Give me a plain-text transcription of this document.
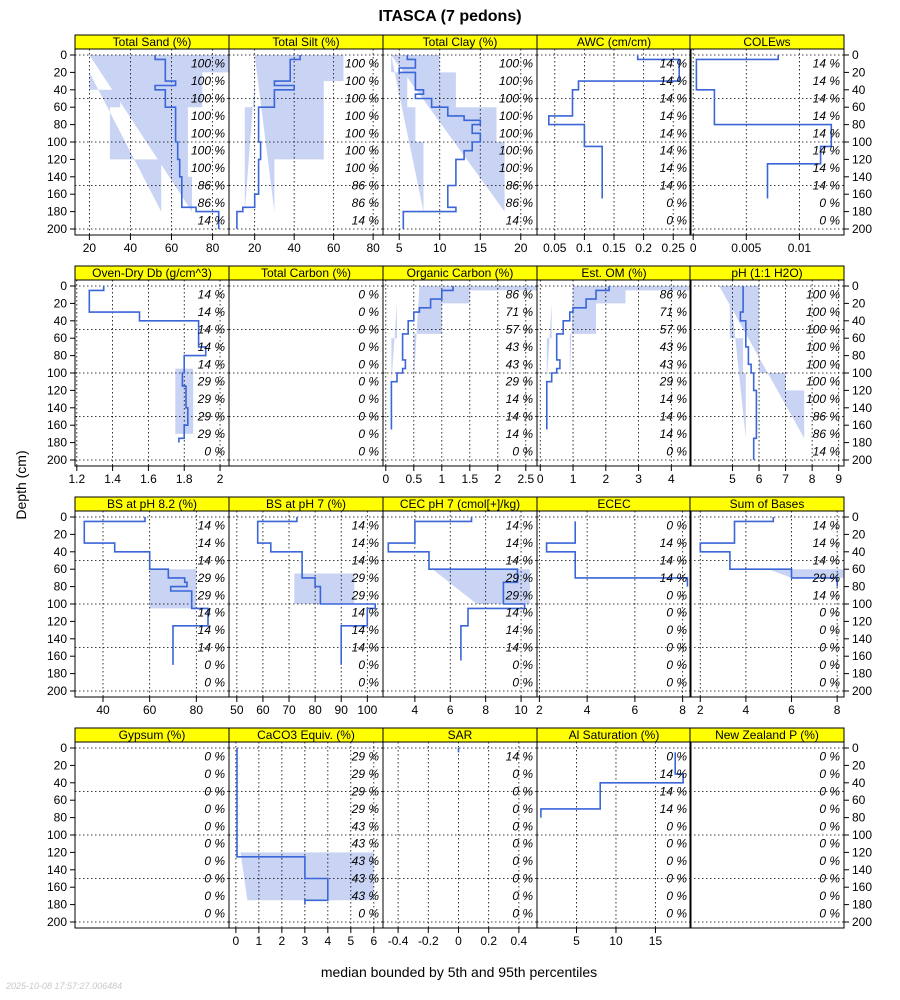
ITASCA (7 pedons)
Total Sand (%)
100 %
100 %
100 %
100 %
100 %
100 %
100 %
86 %
86 %
14 %
20 40 60 80
0
20
40
60
80
100
120
140
160
180
200
Total Silt (%)
100 %
100 %
100 %
100 %
100 %
100 %
100 %
86 %
86 %
14 %
20 40 60 80
Total Clay (%)
100 %
100 %
100 %
100 %
100 %
100 %
100 %
86 %
86 %
14 %
5	10 15 20
AWC (cm/cm)
14 %
14 %
14 %
14 %
14 %
14 %
14 %
14 %
0 %
0 %
0.05 0.1 0.15 0.2 0.25
COLEws
14 %
14 %
14 %
14 %
14 %
14 %
14 %
14 %
0 %
0 %
0	0.005 0.01
0
20
40
60
80
100
120
140
160
180
200
Oven-Dry Db (g/cm^3)
14 %
14 %
14 %
14 %
14 %
29 %
29 %
29 %
29 %
0 %
1.2 1.4 1.6 1.8 2
0
20
40
60
80
100
120
140
160
180
200
Total Carbon (%)
0 %
0 %
0 %
0 %
0 %
0 %
0 %
0 %
0 %
0 %
Organic Carbon (%)
86 %
71 %
57 %
43 %
43 %
29 %
14 %
14 %
14 %
0 %
0 0.5 1 1.5 2 2.5
Est. OM (%)
86 %
71 %
57 %
43 %
43 %
29 %
14 %
14 %
14 %
0 %
0 1 2 3 4
pH (1:1 H2O)
100 %
100 %
100 %
100 %
100 %
100 %
100 %
86 %
86 %
14 %
5 6 7 8 9
0
20
40
60
80
100
120
140
160
180
200
BS at pH 8.2 (%)
14 %
14 %
14 %
29 %
29 %
14 %
14 %
14 %
0 %
0 %
40	60	80
0
20
40
60
80
100
120
140
160
180
200
BS at pH 7 (%)
14 %
14 %
14 %
29 %
29 %
14 %
14 %
14 %
0 %
0 %
50 60 70 80 90 100
CEC pH 7 (cmol[+]/kg)
14 %
14 %
14 %
29 %
29 %
14 %
14 %
14 %
0 %
0 %
4 6 8 10
ECEC
0 %
14 %
14 %
14 %
0 %
0 %
0 %
0 %
0 %
0 %
2	4	6	8
Sum of Bases
14 %
14 %
14 %
29 %
14 %
0 %
0 %
0 %
0 %
0 %
2	4	6	8
0
20
40
60
80
100
120
140
160
180
200
Gypsum (%)
0 %
0 %
0 %
0 %
0 %
0 %
0 %
0 %
0 %
0 %
0
20
40
60
80
100
120
140
160
180
200
CaCO3 Equiv. (%)
29 %
29 %
29 %
29 %
43 %
43 %
43 %
43 %
43 %
0 %
0 1 2 3 4 5 6
SAR
14 %
0 %
0 %
0 %
0 %
0 %
0 %
0 %
0 %
0 %
-0.4 -0.2 0 0.2 0.4
Al Saturation (%)
0 %
14 %
14 %
14 %
0 %
0 %
0 %
0 %
0 %
0 %
5 10 15
New Zealand P (%)
0 %
0 %
0 %
0 %
0 %
0 %
0 %
0 %
0 %
0 %
0
20
40
60
80
100
120
140
160
180
200
Depth (cm)
median bounded by 5th and 95th percentiles
2025-10-08 17:57:27.006484
